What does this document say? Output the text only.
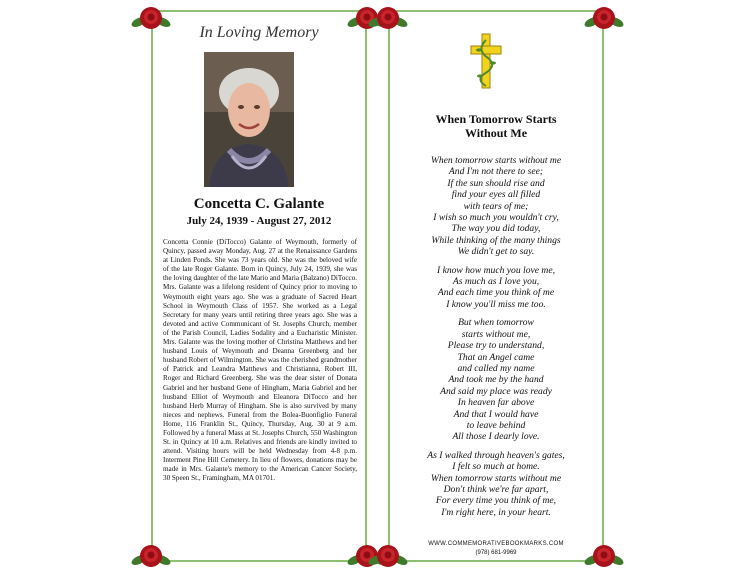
In Loving Memory
Concetta C. Galante
July 24, 1939 - August 27, 2012
Concetta Connie (DiTocco) Galante of Weymouth, formerly of Quincy, passed away Monday, Aug. 27 at the Renaissance Gardens at Linden Ponds. She was 73 years old. She was the beloved wife of the late Roger Galante. Born in Quincy, July 24, 1939, she was the loving daughter of the late Mario and Maria (Balzano) DiTocco. Mrs. Galante was a lifelong resident of Quincy prior to moving to Weymouth eight years ago. She was a graduate of Sacred Heart School in Weymouth Class of 1957. She worked as a Legal Secretary for many years until retiring three years ago. She was a devoted and active Communicant of St. Josephs Church, member of the Parish Council, Ladies Sodality and a Eucharistic Minister. Mrs. Galante was the loving mother of Christina Matthews and her husband Louis of Weymouth and Deanna Greenberg and her husband Robert of Wilmington. She was the cherished grandmother of Patrick and Leandra Matthews and Christianna, Robert III, Roger and Richard Greenberg. She was the dear sister of Donata Gabriel and her husband Gene of Hingham, Maria Gabriel and her husband Elliot of Weymouth and Eleanora DiTocco and her husband Herb Murray of Hingham. She is also survived by many nieces and nephews. Funeral from the Bolea-Buonfiglio Funeral Home, 116 Franklin St., Quincy, Thursday, Aug. 30 at 9 a.m. Followed by a funeral Mass at St. Josephs Church, 550 Washington St. in Quincy at 10 a.m. Relatives and friends are kindly invited to attend. Visiting hours will be held Wednesday from 4-8 p.m. Interment Pine Hill Cemetery. In lieu of flowers, donations may be made in Mrs. Galante's memory to the American Cancer Society, 30 Speen St., Framingham, MA 01701.
When Tomorrow Starts
Without Me
When tomorrow starts without me
And I'm not there to see;
If the sun should rise and
find your eyes all filled
with tears of me;
I wish so much you wouldn't cry,
The way you did today,
While thinking of the many things
We didn't get to say.
I know how much you love me,
As much as I love you,
And each time you think of me
I know you'll miss me too.
But when tomorrow
starts without me,
Please try to understand,
That an Angel came
and called my name
And took me by the hand
And said my place was ready
In heaven far above
And that I would have
to leave behind
All those I dearly love.
As I walked through heaven's gates,
I felt so much at home.
When tomorrow starts without me
Don't think we're far apart,
For every time you think of me,
I'm right here, in your heart.
WWW.COMMEMORATIVEBOOKMARKS.COM
(978) 681-9969
